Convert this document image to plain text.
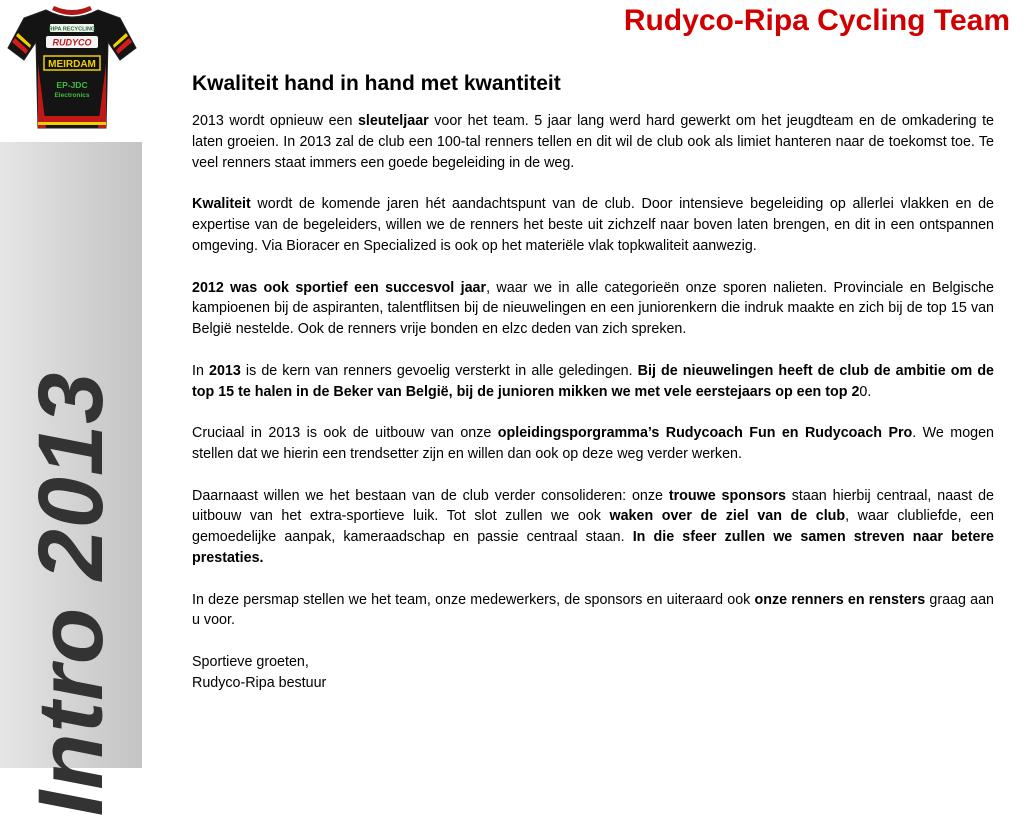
RIPA RECYCLING
RUDYCO
MEIRDAM
EP-JDC
Electronics
Intro 2013
Rudyco-Ripa Cycling Team
Kwaliteit hand in hand met kwantiteit

2013 wordt opnieuw een sleuteljaar voor het team. 5 jaar lang werd hard gewerkt om het jeugdteam en de omkadering te laten groeien. In 2013 zal de club een 100-tal renners tellen en dit wil de club ook als limiet hanteren naar de toekomst toe. Te veel renners staat immers een goede begeleiding in de weg.

Kwaliteit wordt de komende jaren hét aandachtspunt van de club. Door intensieve begeleiding op allerlei vlakken en de expertise van de begeleiders, willen we de renners het beste uit zichzelf naar boven laten brengen, en dit in een ontspannen omgeving. Via Bioracer en Specialized is ook op het materiële vlak topkwaliteit aanwezig.

2012 was ook sportief een succesvol jaar, waar we in alle categorieën onze sporen nalieten. Provinciale en Belgische kampioenen bij de aspiranten, talentflitsen bij de nieuwelingen en een juniorenkern die indruk maakte en zich bij de top 15 van België nestelde. Ook de renners vrije bonden en elzc deden van zich spreken.

In 2013 is de kern van renners gevoelig versterkt in alle geledingen. Bij de nieuwelingen heeft de club de ambitie om de top 15 te halen in de Beker van België, bij de junioren mikken we met vele eerstejaars op een top 20.

Cruciaal in 2013 is ook de uitbouw van onze opleidingsporgramma’s Rudycoach Fun en Rudycoach Pro. We mogen stellen dat we hierin een trendsetter zijn en willen dan ook op deze weg verder werken.

Daarnaast willen we het bestaan van de club verder consolideren: onze trouwe sponsors staan hierbij centraal, naast de uitbouw van het extra-sportieve luik. Tot slot zullen we ook waken over de ziel van de club, waar clubliefde, een gemoedelijke aanpak, kameraadschap en passie centraal staan. In die sfeer zullen we samen streven naar betere prestaties.

In deze persmap stellen we het team, onze medewerkers, de sponsors en uiteraard ook onze renners en rensters graag aan u voor.

Sportieve groeten,

Rudyco-Ripa bestuur
